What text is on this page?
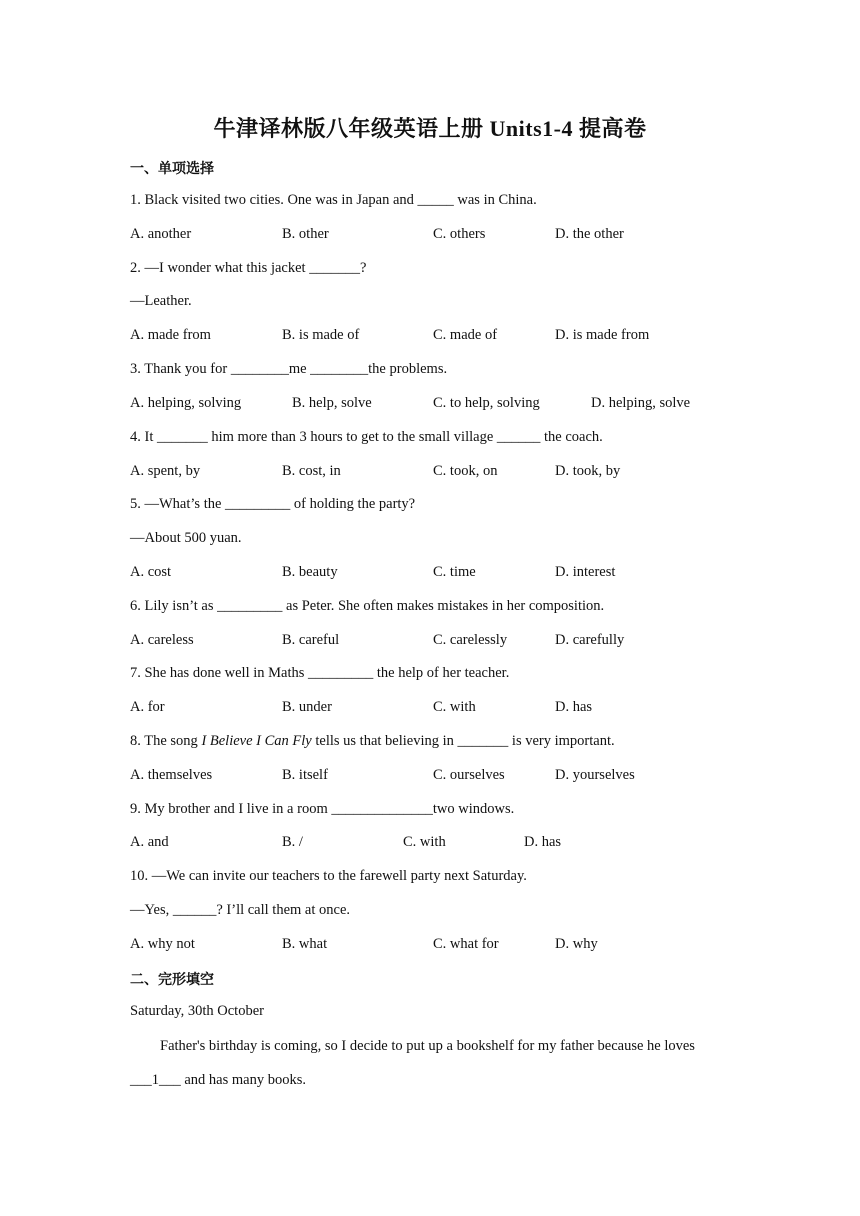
牛津译林版八年级英语上册 Units1-4 提高卷
一、单项选择
1. Black visited two cities. One was in Japan and _____ was in China.
A. another	B. other	C. others	D. the other
2. —I wonder what this jacket _______?
—Leather.
A. made from	B. is made of	C. made of	D. is made from
3. Thank you for ________me ________the problems.
A. helping, solving	B. help, solve	C. to help, solving	D. helping, solve
4. It _______ him more than 3 hours to get to the small village ______ the coach.
A. spent, by	B. cost, in	C. took, on	D. took, by
5. —What’s the _________ of holding the party?
—About 500 yuan.
A. cost	B. beauty	C. time	D. interest
6. Lily isn’t as _________ as Peter. She often makes mistakes in her composition.
A. careless	B. careful	C. carelessly	D. carefully
7. She has done well in Maths _________ the help of her teacher.
A. for	B. under	C. with	D. has
8. The song I Believe I Can Fly tells us that believing in _______ is very important.
A. themselves	B. itself	C. ourselves	D. yourselves
9. My brother and I live in a room ______________two windows.
A. and	B. /	C. with	D. has
10. —We can invite our teachers to the farewell party next Saturday.
—Yes, ______? I’ll call them at once.
A. why not	B. what	C. what for	D. why
二、完形填空
Saturday, 30th October
Father's birthday is coming, so I decide to put up a bookshelf for my father because he loves ___1___ and has many books.
